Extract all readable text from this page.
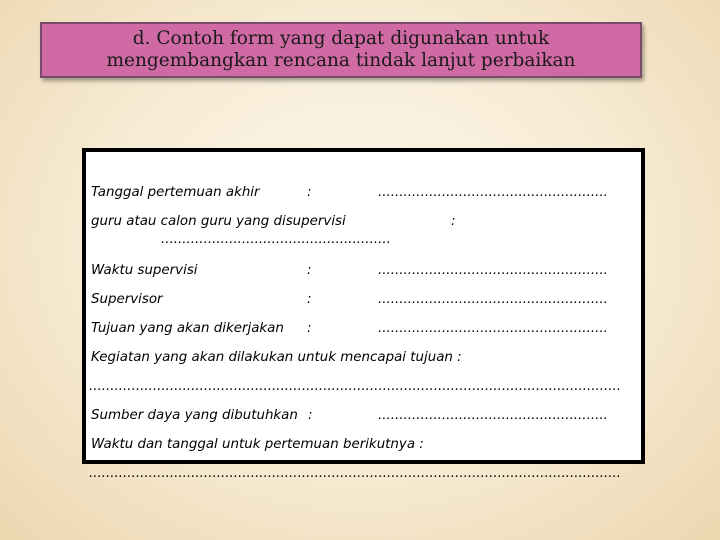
d. Contoh form yang dapat digunakan untuk
mengembangkan rencana tindak lanjut perbaikan
Tanggal pertemuan akhir	:	......................................................
guru atau calon guru yang disupervisi	:
......................................................
Waktu supervisi	:	......................................................
Supervisor	:	......................................................
Tujuan yang akan dikerjakan :	......................................................
Kegiatan yang akan dilakukan untuk mencapai tujuan :
.............................................................................................................................
Sumber daya yang dibutuhkan :	......................................................
Waktu dan tanggal untuk pertemuan berikutnya :
.............................................................................................................................
